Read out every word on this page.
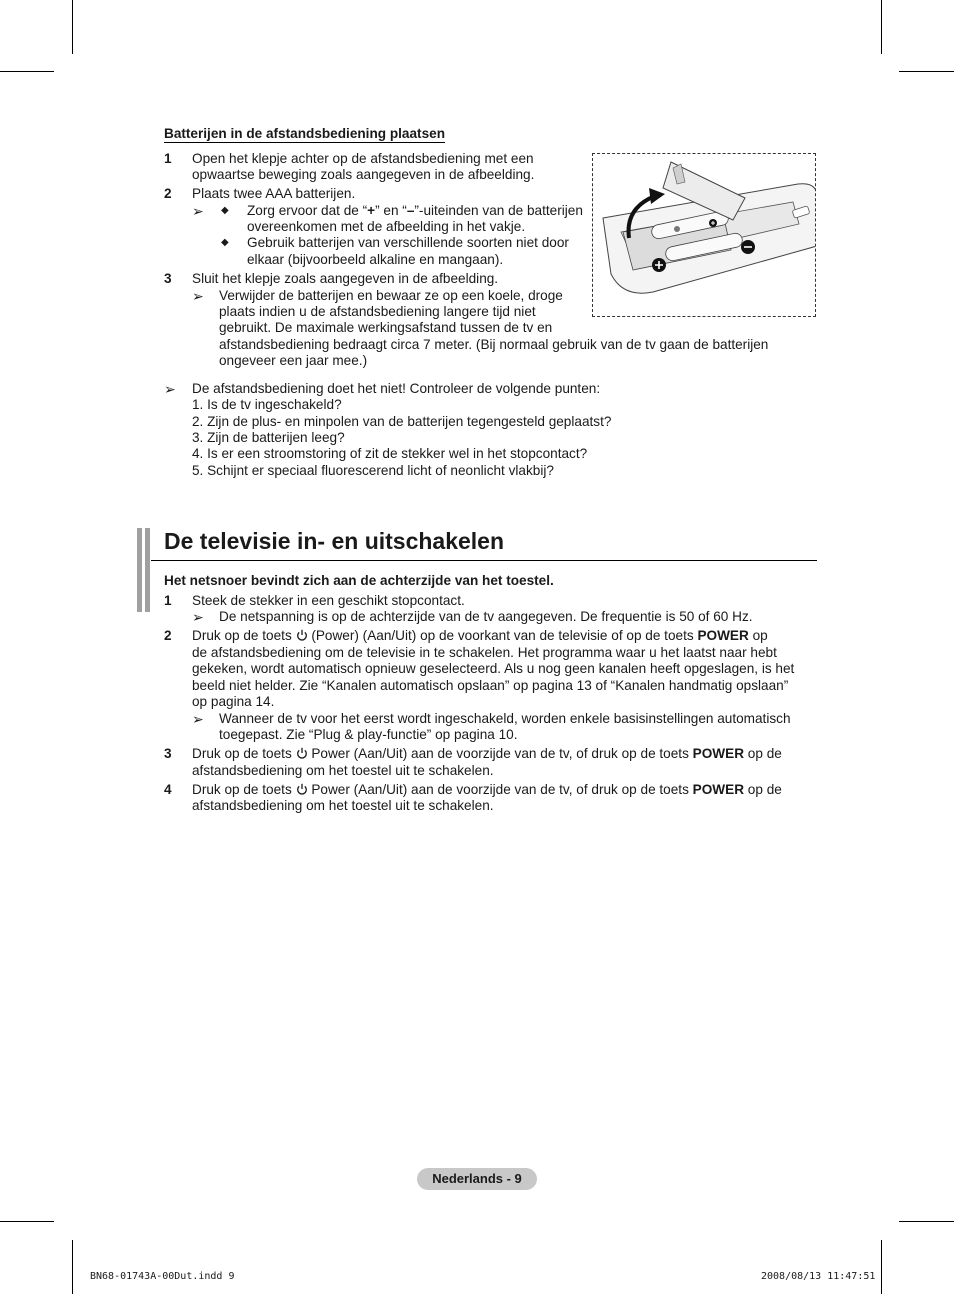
Batterijen in de afstandsbediening plaatsen
1 Open het klepje achter op de afstandsbediening met een
opwaartse beweging zoals aangegeven in de afbeelding.
2 Plaats twee AAA batterijen.
➢ ◆ Zorg ervoor dat de “+” en “–”-uiteinden van de batterijen
overeenkomen met de afbeelding in het vakje.
◆ Gebruik batterijen van verschillende soorten niet door
elkaar (bijvoorbeeld alkaline en mangaan).
3 Sluit het klepje zoals aangegeven in de afbeelding.
➢ Verwijder de batterijen en bewaar ze op een koele, droge
plaats indien u de afstandsbediening langere tijd niet
gebruikt. De maximale werkingsafstand tussen de tv en
afstandsbediening bedraagt circa 7 meter. (Bij normaal gebruik van de tv gaan de batterijen
ongeveer een jaar mee.)
➢ De afstandsbediening doet het niet! Controleer de volgende punten:
1. Is de tv ingeschakeld?
2. Zijn de plus- en minpolen van de batterijen tegengesteld geplaatst?
3. Zijn de batterijen leeg?
4. Is er een stroomstoring of zit de stekker wel in het stopcontact?
5. Schijnt er speciaal fluorescerend licht of neonlicht vlakbij?
De televisie in- en uitschakelen
Het netsnoer bevindt zich aan de achterzijde van het toestel.
1 Steek de stekker in een geschikt stopcontact.
➢ De netspanning is op de achterzijde van de tv aangegeven. De frequentie is 50 of 60 Hz.
2 Druk op de toets (Power) (Aan/Uit) op de voorkant van de televisie of op de toets POWER op
de afstandsbediening om de televisie in te schakelen. Het programma waar u het laatst naar hebt
gekeken, wordt automatisch opnieuw geselecteerd. Als u nog geen kanalen heeft opgeslagen, is het
beeld niet helder. Zie “Kanalen automatisch opslaan” op pagina 13 of “Kanalen handmatig opslaan”
op pagina 14.
➢ Wanneer de tv voor het eerst wordt ingeschakeld, worden enkele basisinstellingen automatisch
toegepast. Zie “Plug & play-functie” op pagina 10.
3 Druk op de toets Power (Aan/Uit) aan de voorzijde van de tv, of druk op de toets POWER op de
afstandsbediening om het toestel uit te schakelen.
4 Druk op de toets Power (Aan/Uit) aan de voorzijde van de tv, of druk op de toets POWER op de
afstandsbediening om het toestel uit te schakelen.
Nederlands - 9
BN68-01743A-00Dut.indd 9	2008/08/13 11:47:51
